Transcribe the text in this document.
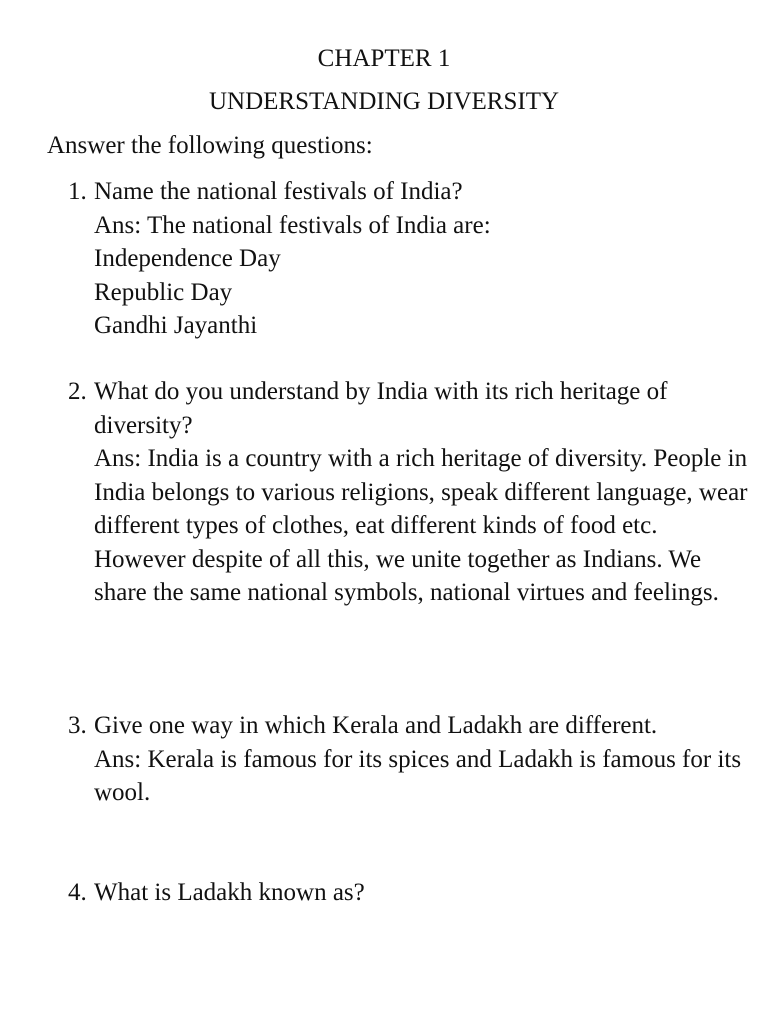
CHAPTER 1
UNDERSTANDING DIVERSITY
Answer the following questions:
1. Name the national festivals of India?
Ans: The national festivals of India are:
Independence Day
Republic Day
Gandhi Jayanthi
2. What do you understand by India with its rich heritage of diversity?
Ans: India is a country with a rich heritage of diversity. People in India belongs to various religions, speak different language, wear different types of clothes, eat different kinds of food etc. However despite of all this, we unite together as Indians. We share the same national symbols, national virtues and feelings.
3. Give one way in which Kerala and Ladakh are different.
Ans: Kerala is famous for its spices and Ladakh is famous for its wool.
4. What is Ladakh known as?
